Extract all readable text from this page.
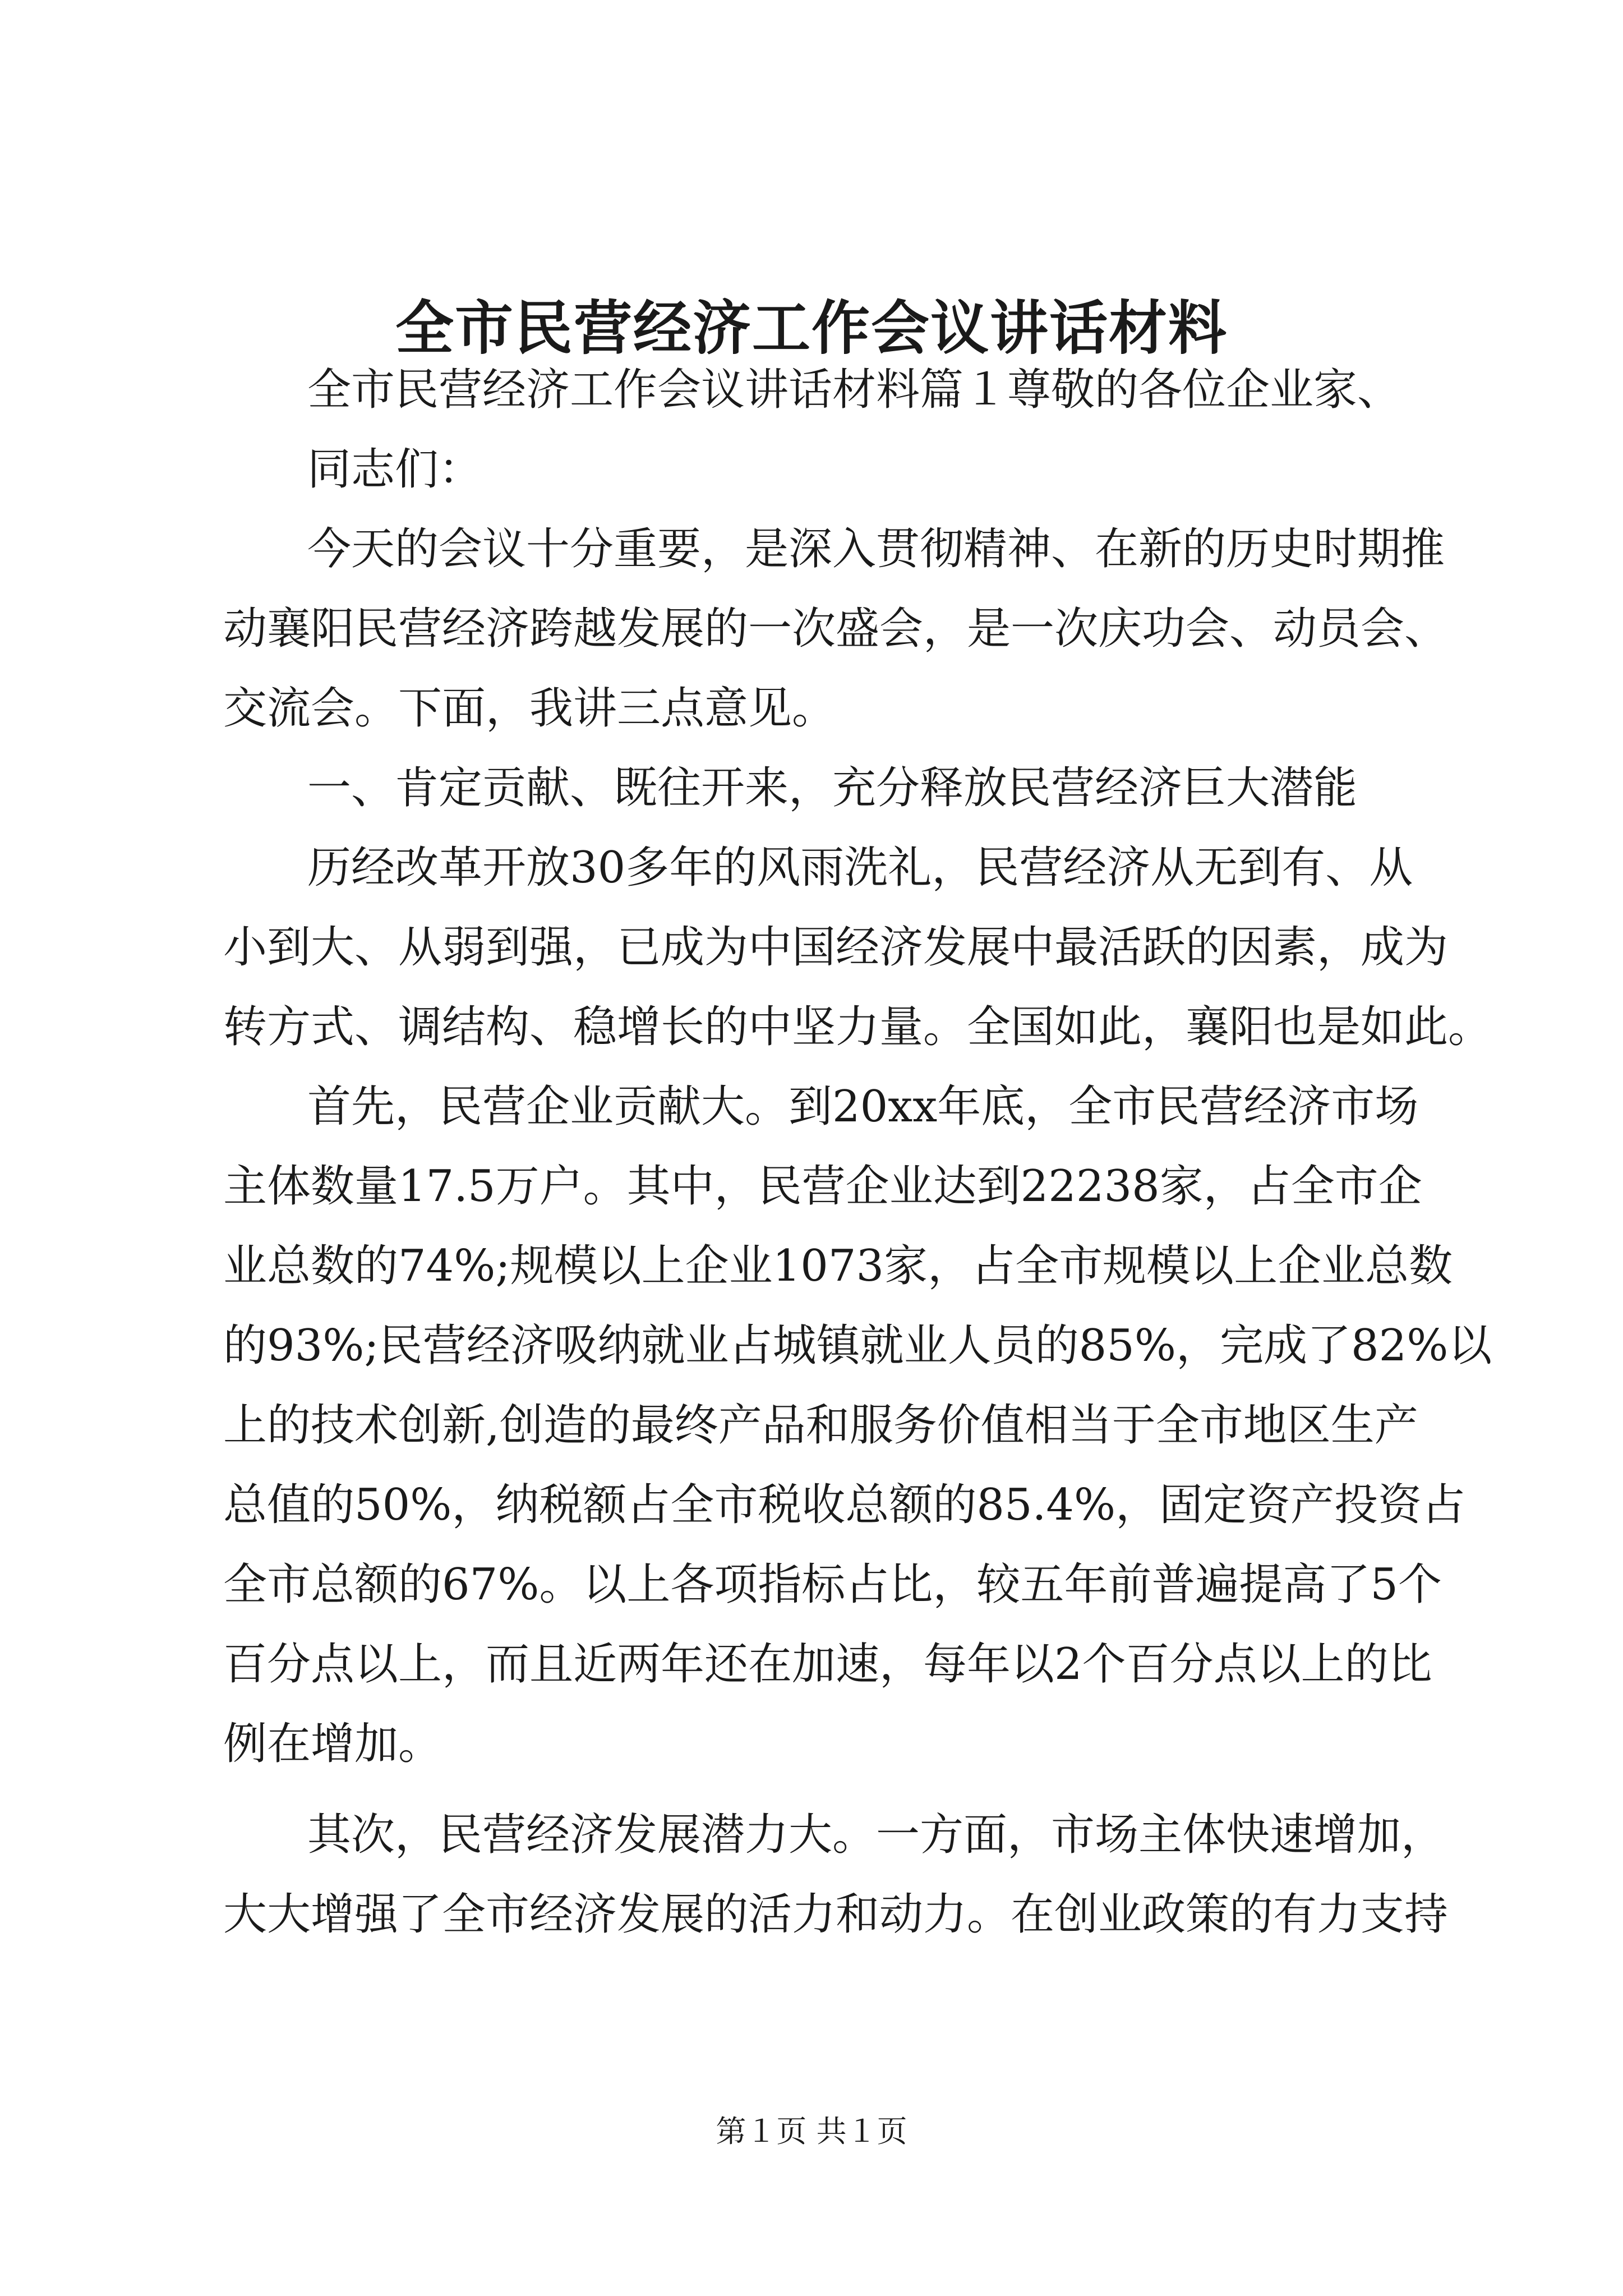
全市民营经济工作会议讲话材料
全市民营经济工作会议讲话材料篇１尊敬的各位企业家、
同志们：
今天的会议十分重要，是深入贯彻精神、在新的历史时期推
动襄阳民营经济跨越发展的一次盛会，是一次庆功会、动员会、
交流会。下面，我讲三点意见。
一、肯定贡献、既往开来，充分释放民营经济巨大潜能
历经改革开放30多年的风雨洗礼，民营经济从无到有、从
小到大、从弱到强，已成为中国经济发展中最活跃的因素，成为
转方式、调结构、稳增长的中坚力量。全国如此，襄阳也是如此。
首先，民营企业贡献大。到20xx年底，全市民营经济市场
主体数量17.5万户。其中，民营企业达到22238家，占全市企
业总数的74%;规模以上企业1073家，占全市规模以上企业总数
的93%;民营经济吸纳就业占城镇就业人员的85%，完成了82%以
上的技术创新,创造的最终产品和服务价值相当于全市地区生产
总值的50%，纳税额占全市税收总额的85.4%，固定资产投资占
全市总额的67%。以上各项指标占比，较五年前普遍提高了5个
百分点以上，而且近两年还在加速，每年以2个百分点以上的比
例在增加。
其次，民营经济发展潜力大。一方面，市场主体快速增加，
大大增强了全市经济发展的活力和动力。在创业政策的有力支持
第１页 共１页
